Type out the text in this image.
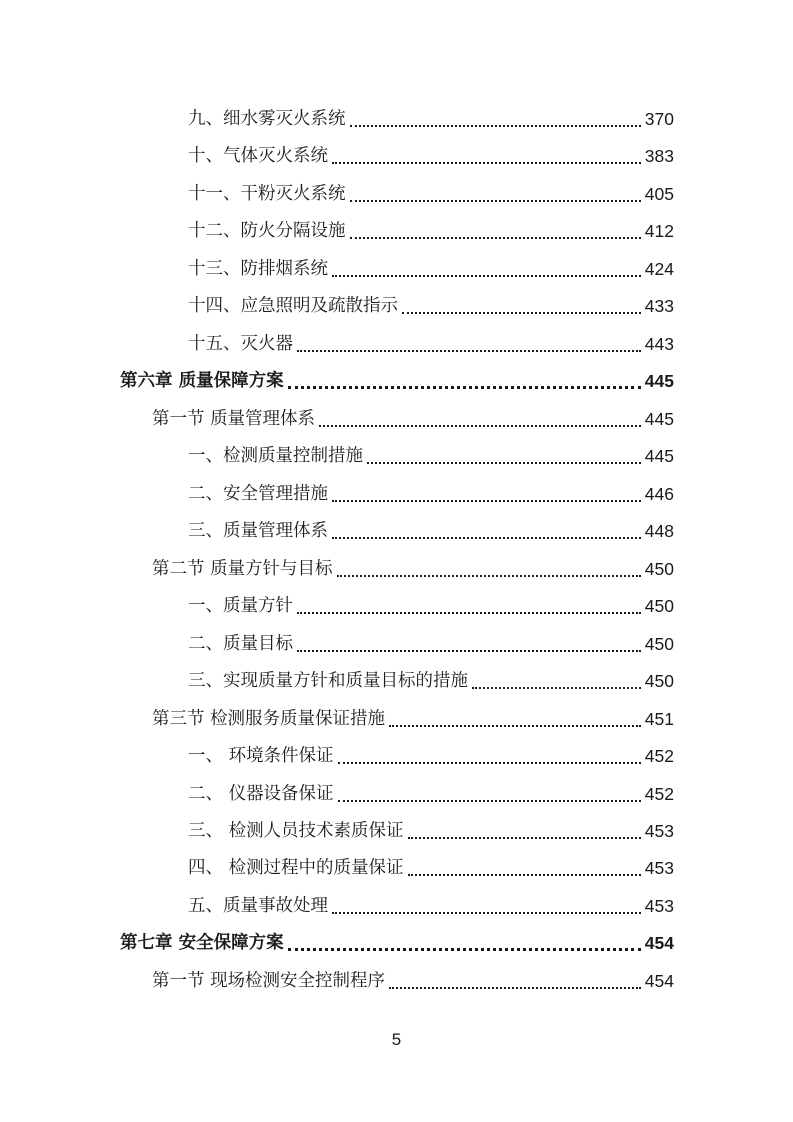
九、细水雾灭火系统	370
十、气体灭火系统	383
十一、干粉灭火系统	405
十二、防火分隔设施	412
十三、防排烟系统	424
十四、应急照明及疏散指示	433
十五、灭火器	443
第六章 质量保障方案	445
第一节 质量管理体系	445
一、检测质量控制措施	445
二、安全管理措施	446
三、质量管理体系	448
第二节 质量方针与目标	450
一、质量方针	450
二、质量目标	450
三、实现质量方针和质量目标的措施	450
第三节 检测服务质量保证措施	451
一、 环境条件保证	452
二、 仪器设备保证	452
三、 检测人员技术素质保证	453
四、 检测过程中的质量保证	453
五、质量事故处理	453
第七章 安全保障方案	454
第一节 现场检测安全控制程序	454
5
